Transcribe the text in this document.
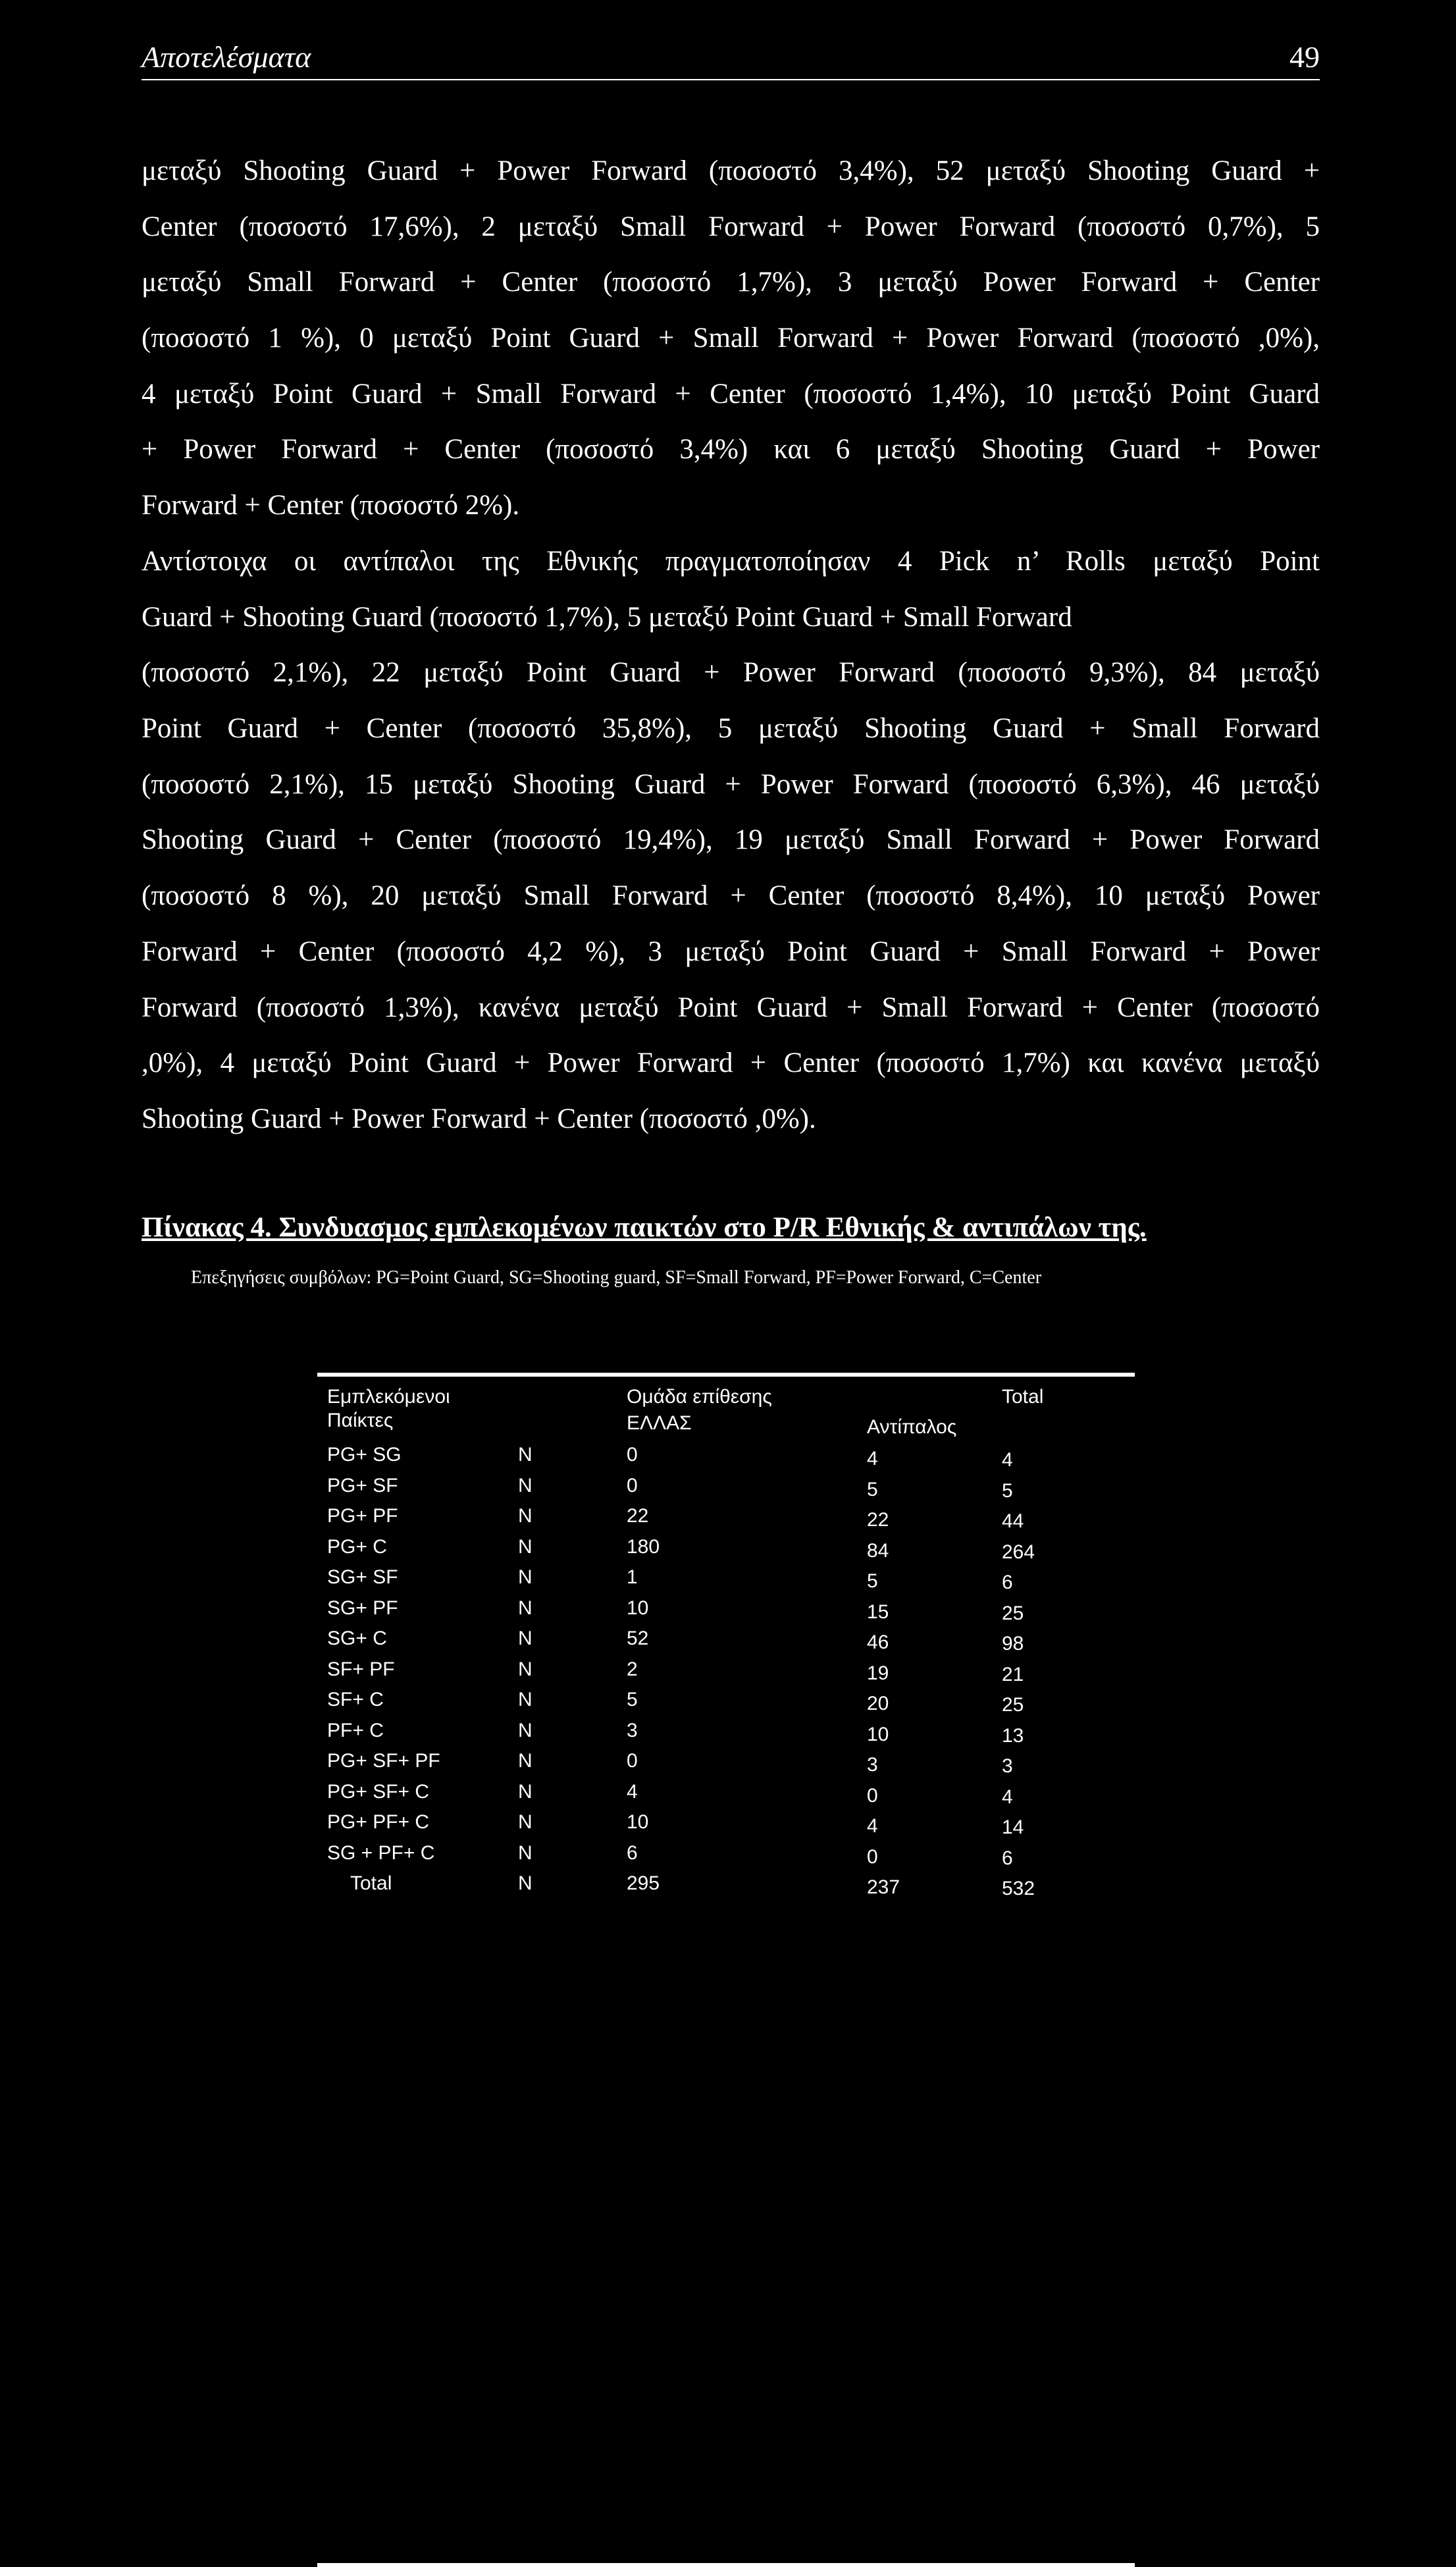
Αποτελέσματα	49
μεταξύ Shooting Guard + Power Forward (ποσοστό 3,4%), 52 μεταξύ Shooting Guard +
Center (ποσοστό 17,6%), 2 μεταξύ Small Forward + Power Forward (ποσοστό 0,7%), 5
μεταξύ Small Forward + Center (ποσοστό 1,7%), 3 μεταξύ Power Forward + Center
(ποσοστό 1 %), 0 μεταξύ Point Guard + Small Forward + Power Forward (ποσοστό ,0%),
4 μεταξύ Point Guard + Small Forward + Center (ποσοστό 1,4%), 10 μεταξύ Point Guard
+ Power Forward + Center (ποσοστό 3,4%) και 6 μεταξύ Shooting Guard + Power
Forward + Center (ποσοστό 2%).
Αντίστοιχα οι αντίπαλοι της Εθνικής πραγματοποίησαν 4 Pick n’ Rolls μεταξύ Point
Guard + Shooting Guard (ποσοστό 1,7%), 5 μεταξύ Point Guard + Small Forward
(ποσοστό 2,1%), 22 μεταξύ Point Guard + Power Forward (ποσοστό 9,3%), 84 μεταξύ
Point Guard + Center (ποσοστό 35,8%), 5 μεταξύ Shooting Guard + Small Forward
(ποσοστό 2,1%), 15 μεταξύ Shooting Guard + Power Forward (ποσοστό 6,3%), 46 μεταξύ
Shooting Guard + Center (ποσοστό 19,4%), 19 μεταξύ Small Forward + Power Forward
(ποσοστό 8 %), 20 μεταξύ Small Forward + Center (ποσοστό 8,4%), 10 μεταξύ Power
Forward + Center (ποσοστό 4,2 %), 3 μεταξύ Point Guard + Small Forward + Power
Forward (ποσοστό 1,3%), κανένα μεταξύ Point Guard + Small Forward + Center (ποσοστό
,0%), 4 μεταξύ Point Guard + Power Forward + Center (ποσοστό 1,7%) και κανένα μεταξύ
Shooting Guard + Power Forward + Center (ποσοστό ,0%).
Πίνακας 4. Συνδυασμος εμπλεκομένων παικτών στο P/R Εθνικής & αντιπάλων της.
Επεξηγήσεις συμβόλων: PG=Point Guard, SG=Shooting guard, SF=Small Forward, PF=Power Forward, C=Center
Εμπλεκόμενοι
Παίκτες
Ομάδα επίθεσης
ΕΛΛΑΣ	Αντίπαλος
Total
PG+ SG	N	0	4	4
PG+ SF	N	0	5	5
PG+ PF	N	22	22	44
PG+ C	N	180	84	264
SG+ SF	N	1	5	6
SG+ PF	N	10	15	25
SG+ C	N	52	46	98
SF+ PF	N	2	19	21
SF+ C	N	5	20	25
PF+ C	N	3	10	13
PG+ SF+ PF	N	0	3	3
PG+ SF+ C	N	4	0	4
PG+ PF+ C	N	10	4	14
SG + PF+ C	N	6	0	6
Total	N	295	237	532
